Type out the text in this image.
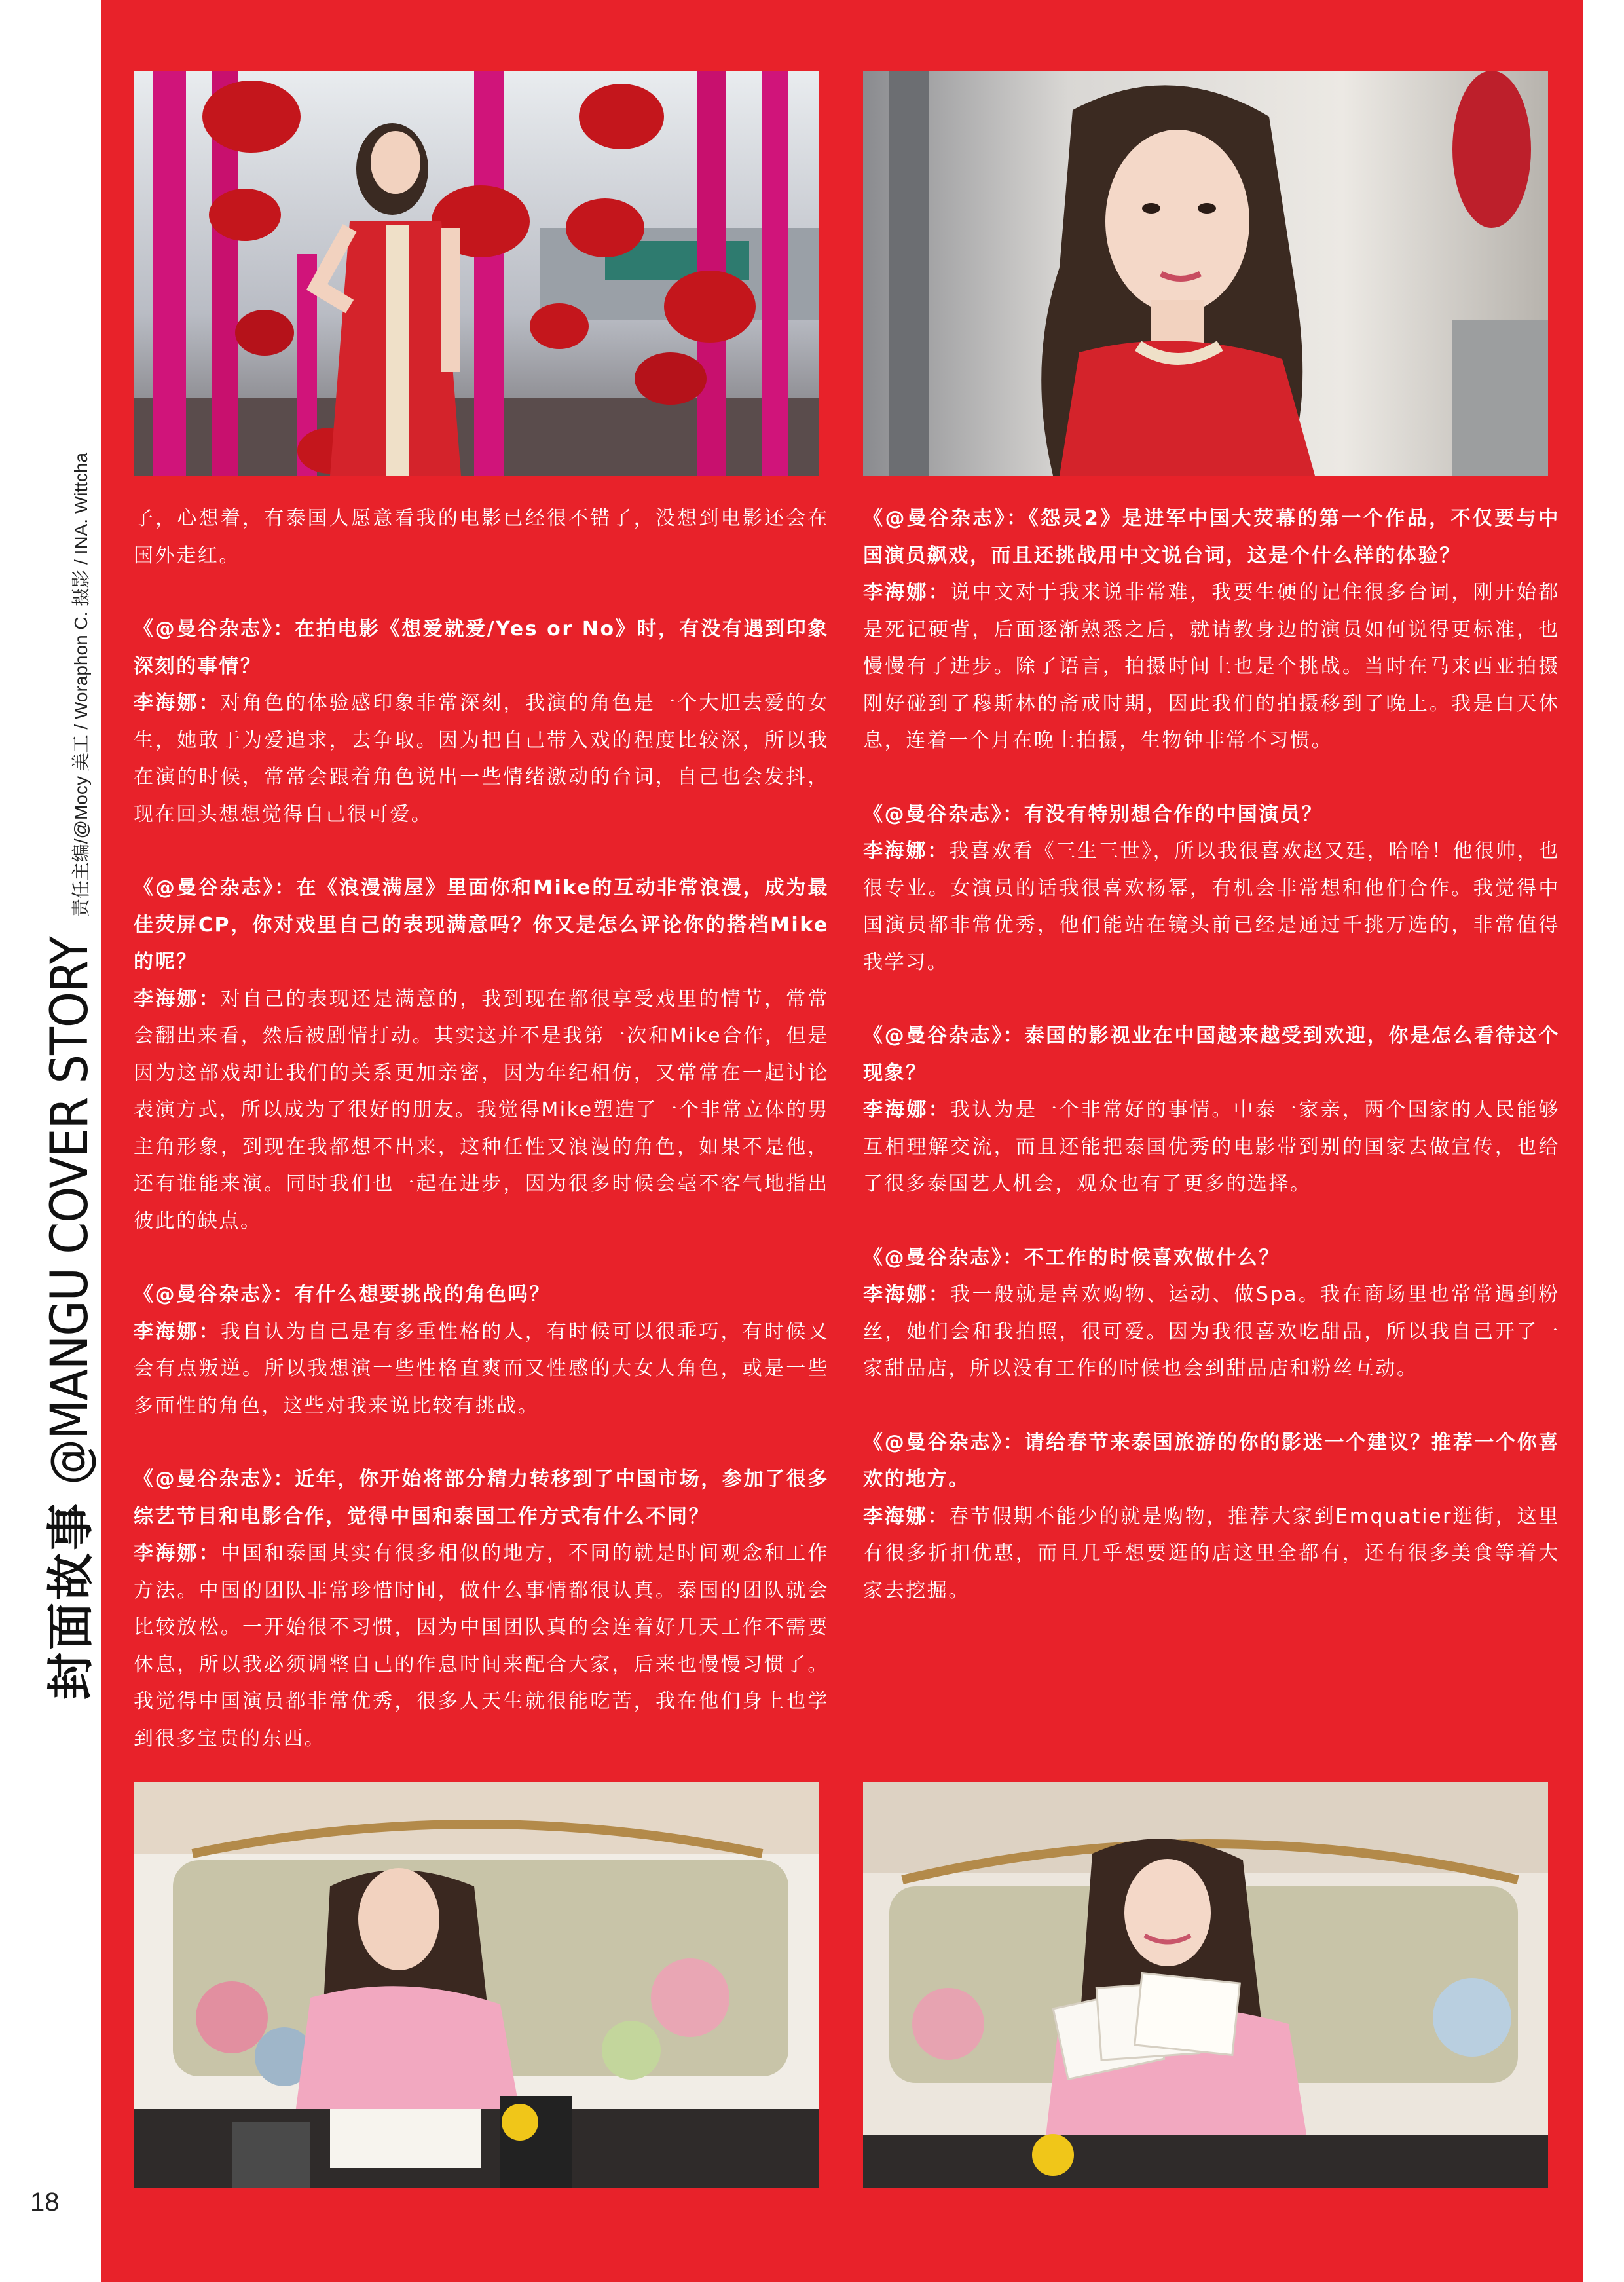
子，心想着，有泰国人愿意看我的电影已经很不错了，没想到电影还会在国外走红。

《@曼谷杂志》：在拍电影《想爱就爱/Yes or No》时，有没有遇到印象深刻的事情？

李海娜：对角色的体验感印象非常深刻，我演的角色是一个大胆去爱的女生，她敢于为爱追求，去争取。因为把自己带入戏的程度比较深，所以我在演的时候，常常会跟着角色说出一些情绪激动的台词，自己也会发抖，现在回头想想觉得自己很可爱。

《@曼谷杂志》：在《浪漫满屋》里面你和Mike的互动非常浪漫，成为最佳荧屏CP，你对戏里自己的表现满意吗？你又是怎么评论你的搭档Mike的呢？

李海娜：对自己的表现还是满意的，我到现在都很享受戏里的情节，常常会翻出来看，然后被剧情打动。其实这并不是我第一次和Mike合作，但是因为这部戏却让我们的关系更加亲密，因为年纪相仿，又常常在一起讨论表演方式，所以成为了很好的朋友。我觉得Mike塑造了一个非常立体的男主角形象，到现在我都想不出来，这种任性又浪漫的角色，如果不是他，还有谁能来演。同时我们也一起在进步，因为很多时候会毫不客气地指出彼此的缺点。

《@曼谷杂志》：有什么想要挑战的角色吗？

李海娜：我自认为自己是有多重性格的人，有时候可以很乖巧，有时候又会有点叛逆。所以我想演一些性格直爽而又性感的大女人角色，或是一些多面性的角色，这些对我来说比较有挑战。

《@曼谷杂志》：近年，你开始将部分精力转移到了中国市场，参加了很多综艺节目和电影合作，觉得中国和泰国工作方式有什么不同？

李海娜：中国和泰国其实有很多相似的地方，不同的就是时间观念和工作方法。中国的团队非常珍惜时间，做什么事情都很认真。泰国的团队就会比较放松。一开始很不习惯，因为中国团队真的会连着好几天工作不需要休息，所以我必须调整自己的作息时间来配合大家，后来也慢慢习惯了。我觉得中国演员都非常优秀，很多人天生就很能吃苦，我在他们身上也学到很多宝贵的东西。

《@曼谷杂志》：《怨灵2》是进军中国大荧幕的第一个作品，不仅要与中国演员飙戏，而且还挑战用中文说台词，这是个什么样的体验？

李海娜：说中文对于我来说非常难，我要生硬的记住很多台词，刚开始都是死记硬背，后面逐渐熟悉之后，就请教身边的演员如何说得更标准，也慢慢有了进步。除了语言，拍摄时间上也是个挑战。当时在马来西亚拍摄刚好碰到了穆斯林的斋戒时期，因此我们的拍摄移到了晚上。我是白天休息，连着一个月在晚上拍摄，生物钟非常不习惯。

《@曼谷杂志》：有没有特别想合作的中国演员？

李海娜：我喜欢看《三生三世》，所以我很喜欢赵又廷，哈哈！他很帅，也很专业。女演员的话我很喜欢杨幂，有机会非常想和他们合作。我觉得中国演员都非常优秀，他们能站在镜头前已经是通过千挑万选的，非常值得我学习。

《@曼谷杂志》：泰国的影视业在中国越来越受到欢迎，你是怎么看待这个现象？

李海娜：我认为是一个非常好的事情。中泰一家亲，两个国家的人民能够互相理解交流，而且还能把泰国优秀的电影带到别的国家去做宣传，也给了很多泰国艺人机会，观众也有了更多的选择。

《@曼谷杂志》：不工作的时候喜欢做什么？

李海娜：我一般就是喜欢购物、运动、做Spa。我在商场里也常常遇到粉丝，她们会和我拍照，很可爱。因为我很喜欢吃甜品，所以我自己开了一家甜品店，所以没有工作的时候也会到甜品店和粉丝互动。

《@曼谷杂志》：请给春节来泰国旅游的你的影迷一个建议？推荐一个你喜欢的地方。

李海娜：春节假期不能少的就是购物，推荐大家到Emquatier逛街，这里有很多折扣优惠，而且几乎想要逛的店这里全都有，还有很多美食等着大家去挖掘。

封面故事
@MANGU COVER STORY
责任主编/@Mocy 美工 / Woraphon C. 摄影 / INA. Wittcha
18
